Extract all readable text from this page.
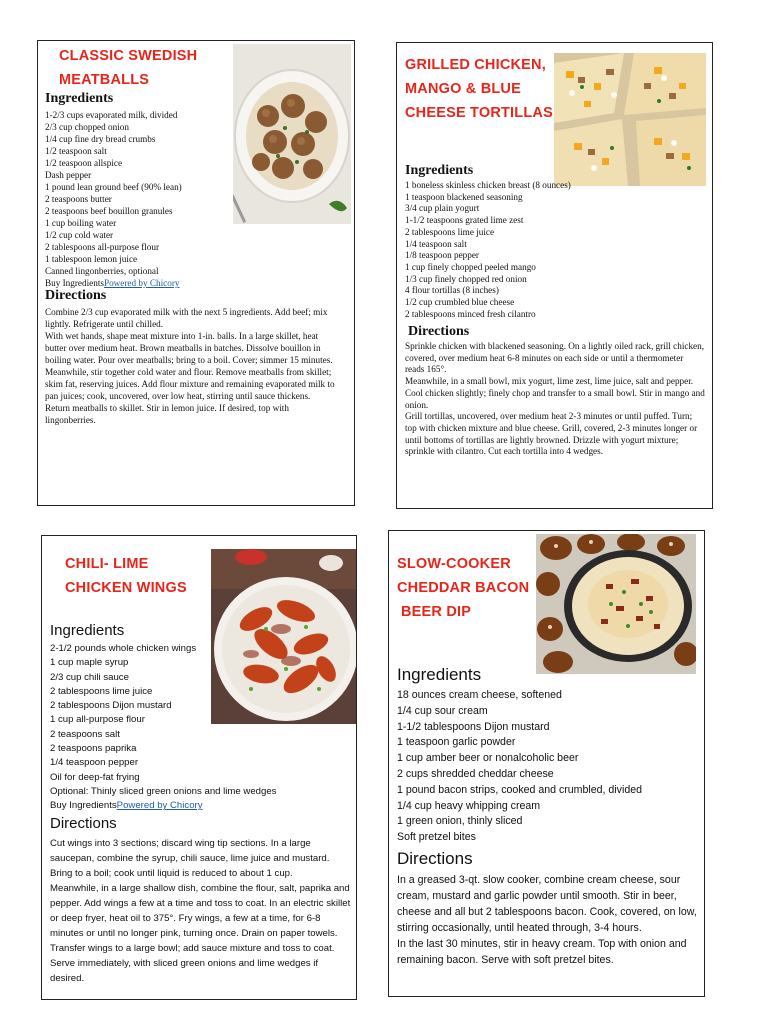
CLASSIC SWEDISH
MEATBALLS
Ingredients
1-2/3 cups evaporated milk, divided
2/3 cup chopped onion
1/4 cup fine dry bread crumbs
1/2 teaspoon salt
1/2 teaspoon allspice
Dash pepper
1 pound lean ground beef (90% lean)
2 teaspoons butter
2 teaspoons beef bouillon granules
1 cup boiling water
1/2 cup cold water
2 tablespoons all-purpose flour
1 tablespoon lemon juice
Canned lingonberries, optional
Buy IngredientsPowered by Chicory
Directions
Combine 2/3 cup evaporated milk with the next 5 ingredients. Add beef; mix lightly. Refrigerate until chilled.
With wet hands, shape meat mixture into 1-in. balls. In a large skillet, heat butter over medium heat. Brown meatballs in batches. Dissolve bouillon in boiling water. Pour over meatballs; bring to a boil. Cover; simmer 15 minutes.
Meanwhile, stir together cold water and flour. Remove meatballs from skillet; skim fat, reserving juices. Add flour mixture and remaining evaporated milk to pan juices; cook, uncovered, over low heat, stirring until sauce thickens.
Return meatballs to skillet. Stir in lemon juice. If desired, top with lingonberries.
GRILLED CHICKEN,
MANGO & BLUE
CHEESE TORTILLAS
Ingredients
1 boneless skinless chicken breast (8 ounces)
1 teaspoon blackened seasoning
3/4 cup plain yogurt
1-1/2 teaspoons grated lime zest
2 tablespoons lime juice
1/4 teaspoon salt
1/8 teaspoon pepper
1 cup finely chopped peeled mango
1/3 cup finely chopped red onion
4 flour tortillas (8 inches)
1/2 cup crumbled blue cheese
2 tablespoons minced fresh cilantro
Directions
Sprinkle chicken with blackened seasoning. On a lightly oiled rack, grill chicken, covered, over medium heat 6-8 minutes on each side or until a thermometer reads 165°.
Meanwhile, in a small bowl, mix yogurt, lime zest, lime juice, salt and pepper. Cool chicken slightly; finely chop and transfer to a small bowl. Stir in mango and onion.
Grill tortillas, uncovered, over medium heat 2-3 minutes or until puffed. Turn; top with chicken mixture and blue cheese. Grill, covered, 2-3 minutes longer or until bottoms of tortillas are lightly browned. Drizzle with yogurt mixture; sprinkle with cilantro. Cut each tortilla into 4 wedges.
CHILI- LIME
CHICKEN WINGS
Ingredients
2-1/2 pounds whole chicken wings
1 cup maple syrup
2/3 cup chili sauce
2 tablespoons lime juice
2 tablespoons Dijon mustard
1 cup all-purpose flour
2 teaspoons salt
2 teaspoons paprika
1/4 teaspoon pepper
Oil for deep-fat frying
Optional: Thinly sliced green onions and lime wedges
Buy IngredientsPowered by Chicory
Directions
Cut wings into 3 sections; discard wing tip sections. In a large saucepan, combine the syrup, chili sauce, lime juice and mustard. Bring to a boil; cook until liquid is reduced to about 1 cup.
Meanwhile, in a large shallow dish, combine the flour, salt, paprika and pepper. Add wings a few at a time and toss to coat. In an electric skillet or deep fryer, heat oil to 375°. Fry wings, a few at a time, for 6-8 minutes or until no longer pink, turning once. Drain on paper towels. Transfer wings to a large bowl; add sauce mixture and toss to coat. Serve immediately, with sliced green onions and lime wedges if desired.
SLOW-COOKER
CHEDDAR BACON
BEER DIP
Ingredients
18 ounces cream cheese, softened
1/4 cup sour cream
1-1/2 tablespoons Dijon mustard
1 teaspoon garlic powder
1 cup amber beer or nonalcoholic beer
2 cups shredded cheddar cheese
1 pound bacon strips, cooked and crumbled, divided
1/4 cup heavy whipping cream
1 green onion, thinly sliced
Soft pretzel bites
Directions
In a greased 3-qt. slow cooker, combine cream cheese, sour cream, mustard and garlic powder until smooth. Stir in beer, cheese and all but 2 tablespoons bacon. Cook, covered, on low, stirring occasionally, until heated through, 3-4 hours.
In the last 30 minutes, stir in heavy cream. Top with onion and remaining bacon. Serve with soft pretzel bites.
